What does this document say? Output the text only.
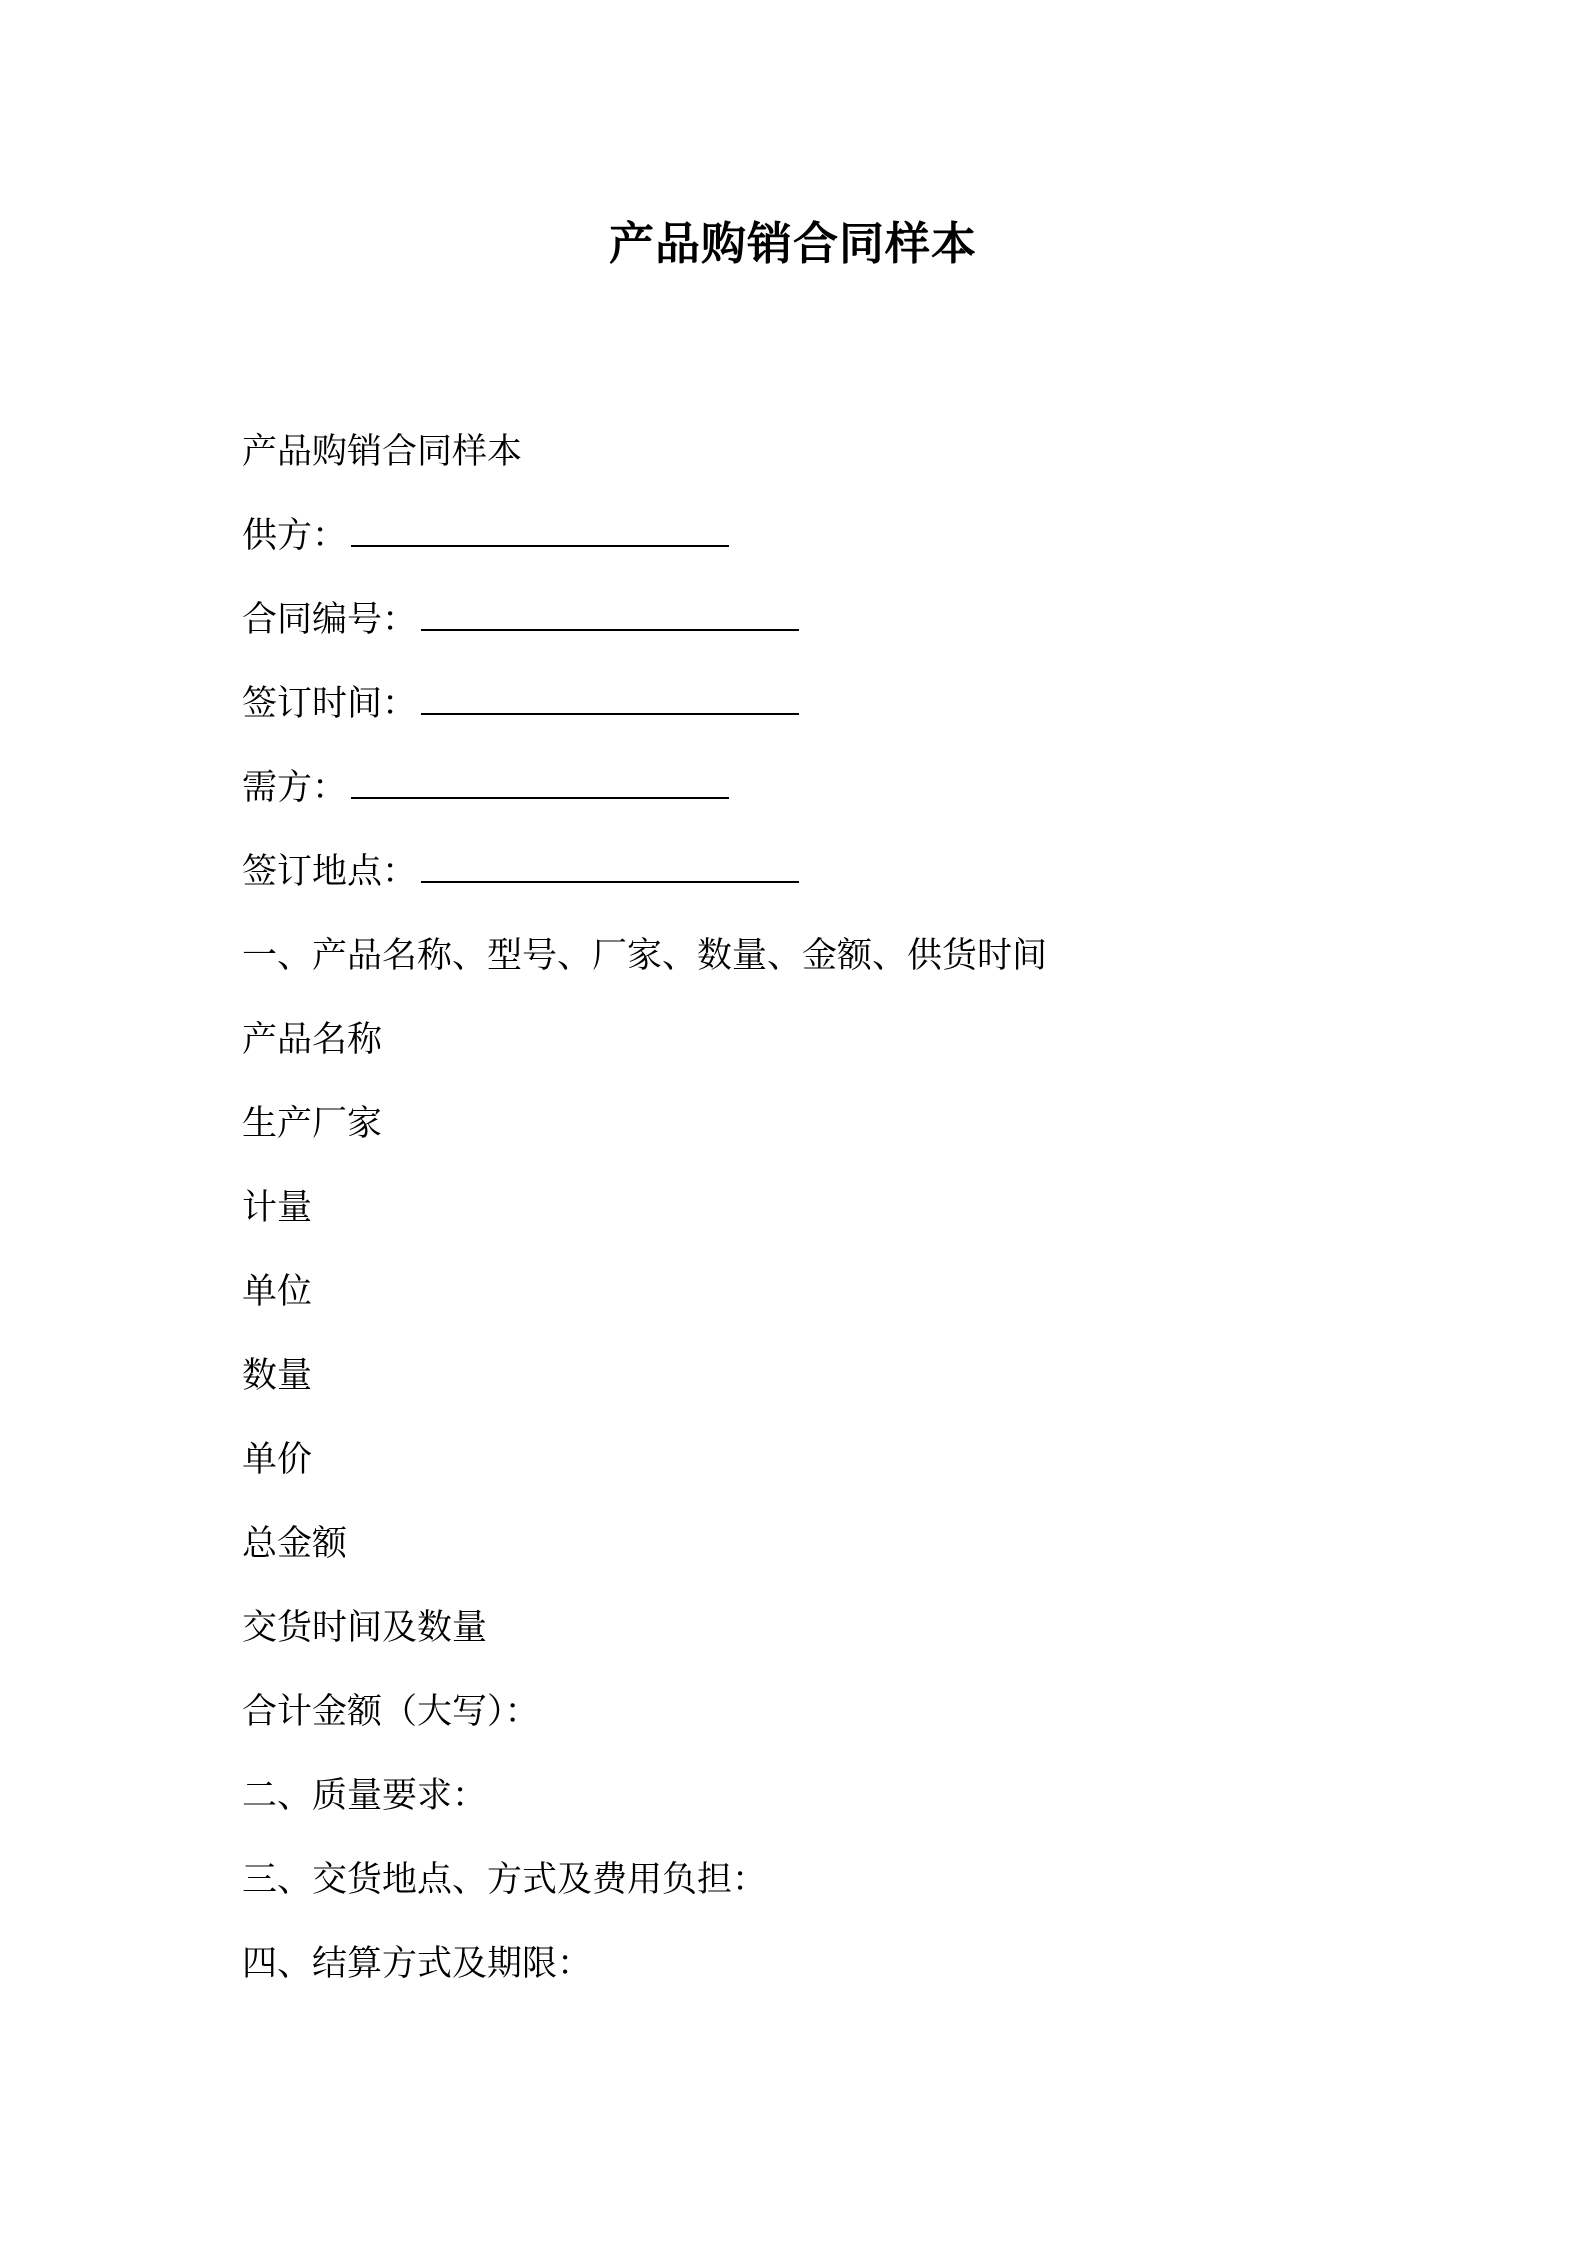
产品购销合同样本
产品购销合同样本
供方：
合同编号：
签订时间：
需方：
签订地点：
一、产品名称、型号、厂家、数量、金额、供货时间
产品名称
生产厂家
计量
单位
数量
单价
总金额
交货时间及数量
合计金额（大写）：
二、质量要求：
三、交货地点、方式及费用负担：
四、结算方式及期限：
